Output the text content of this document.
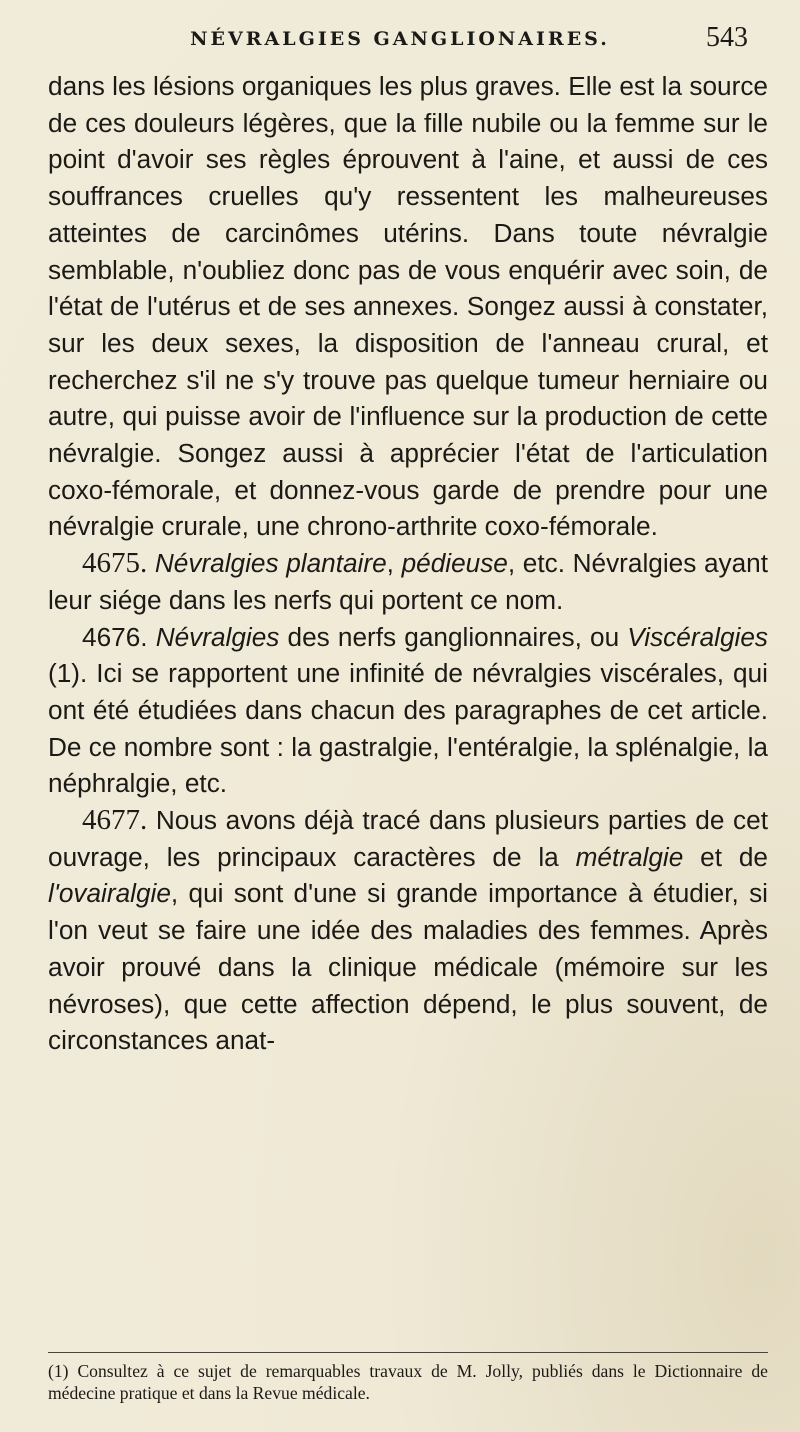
NÉVRALGIES GANGLIONAIRES.	543

dans les lésions organiques les plus graves. Elle est la source de ces douleurs légères, que la fille nubile ou la femme sur le point d'avoir ses règles éprouvent à l'aine, et aussi de ces souffrances cruelles qu'y ressentent les malheureuses atteintes de carcinômes utérins. Dans toute névralgie semblable, n'oubliez donc pas de vous enquérir avec soin, de l'état de l'utérus et de ses annexes. Songez aussi à constater, sur les deux sexes, la disposition de l'anneau crural, et recherchez s'il ne s'y trouve pas quelque tumeur herniaire ou autre, qui puisse avoir de l'influence sur la production de cette névralgie. Songez aussi à apprécier l'état de l'articulation coxo-fémorale, et donnez-vous garde de prendre pour une névralgie crurale, une chrono-arthrite coxo-fémorale.

4675. Névralgies plantaire, pédieuse, etc. Névralgies ayant leur siége dans les nerfs qui portent ce nom.

4676. Névralgies des nerfs ganglionnaires, ou Viscéralgies (1). Ici se rapportent une infinité de névralgies viscérales, qui ont été étudiées dans chacun des paragraphes de cet article. De ce nombre sont : la gastralgie, l'entéralgie, la splénalgie, la néphralgie, etc.

4677. Nous avons déjà tracé dans plusieurs parties de cet ouvrage, les principaux caractères de la métralgie et de l'ovairalgie, qui sont d'une si grande importance à étudier, si l'on veut se faire une idée des maladies des femmes. Après avoir prouvé dans la clinique médicale (mémoire sur les névroses), que cette affection dépend, le plus souvent, de circonstances anat-

(1) Consultez à ce sujet de remarquables travaux de M. Jolly, publiés dans le Dictionnaire de médecine pratique et dans la Revue médicale.
